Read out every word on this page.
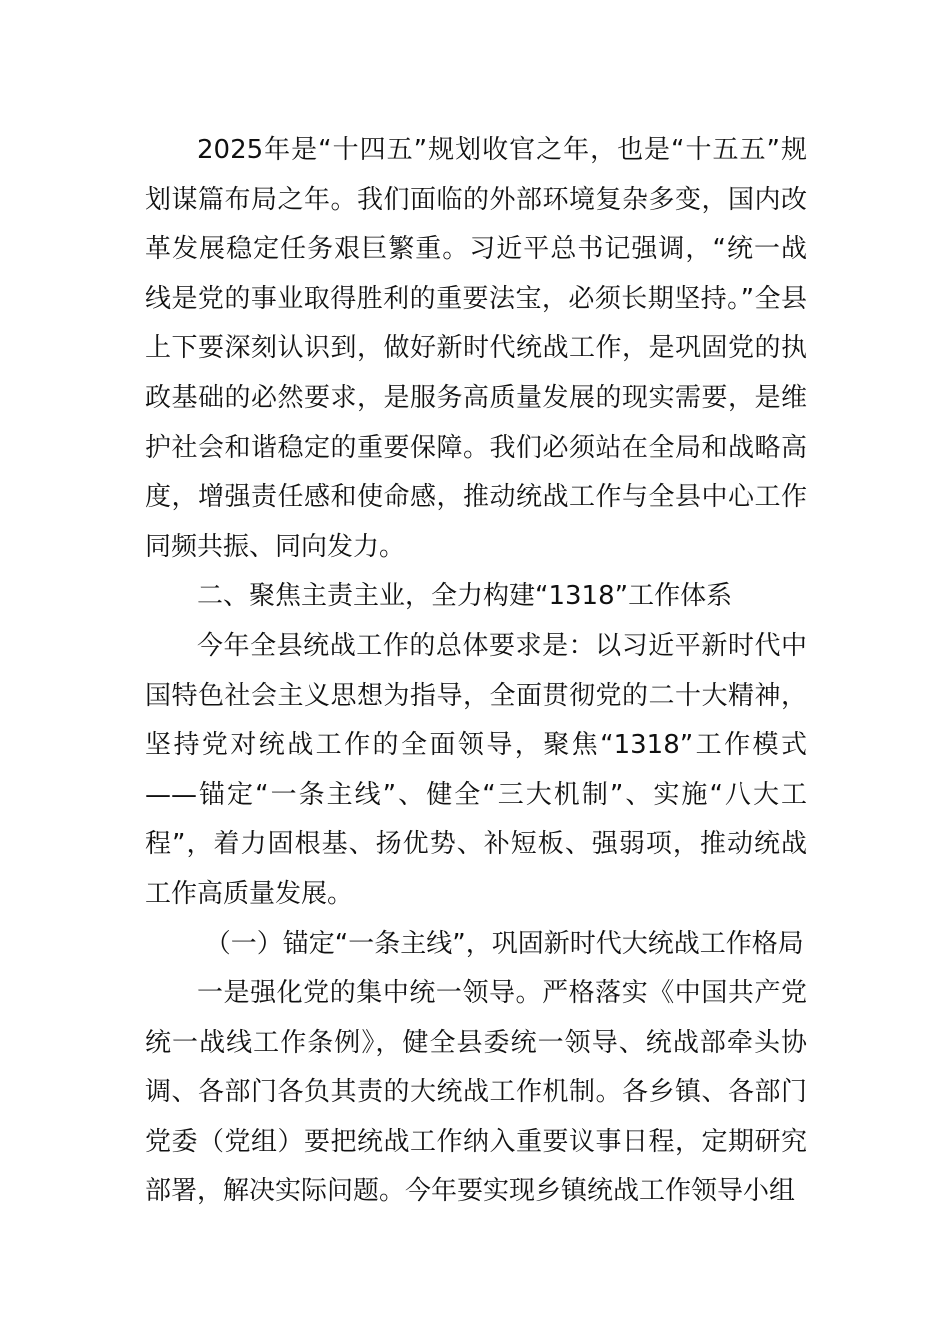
2025年是“十四五”规划收官之年，也是“十五五”规划谋篇布局之年。我们面临的外部环境复杂多变，国内改革发展稳定任务艰巨繁重。习近平总书记强调，“统一战线是党的事业取得胜利的重要法宝，必须长期坚持。”全县上下要深刻认识到，做好新时代统战工作，是巩固党的执政基础的必然要求，是服务高质量发展的现实需要，是维护社会和谐稳定的重要保障。我们必须站在全局和战略高度，增强责任感和使命感，推动统战工作与全县中心工作同频共振、同向发力。

二、聚焦主责主业，全力构建“1318”工作体系

今年全县统战工作的总体要求是：以习近平新时代中国特色社会主义思想为指导，全面贯彻党的二十大精神，坚持党对统战工作的全面领导，聚焦“1318”工作模式——锚定“一条主线”、健全“三大机制”、实施“八大工程”，着力固根基、扬优势、补短板、强弱项，推动统战工作高质量发展。

（一）锚定“一条主线”，巩固新时代大统战工作格局

一是强化党的集中统一领导。严格落实《中国共产党统一战线工作条例》，健全县委统一领导、统战部牵头协调、各部门各负其责的大统战工作机制。各乡镇、各部门党委（党组）要把统战工作纳入重要议事日程，定期研究部署，解决实际问题。今年要实现乡镇统战工作领导小组
